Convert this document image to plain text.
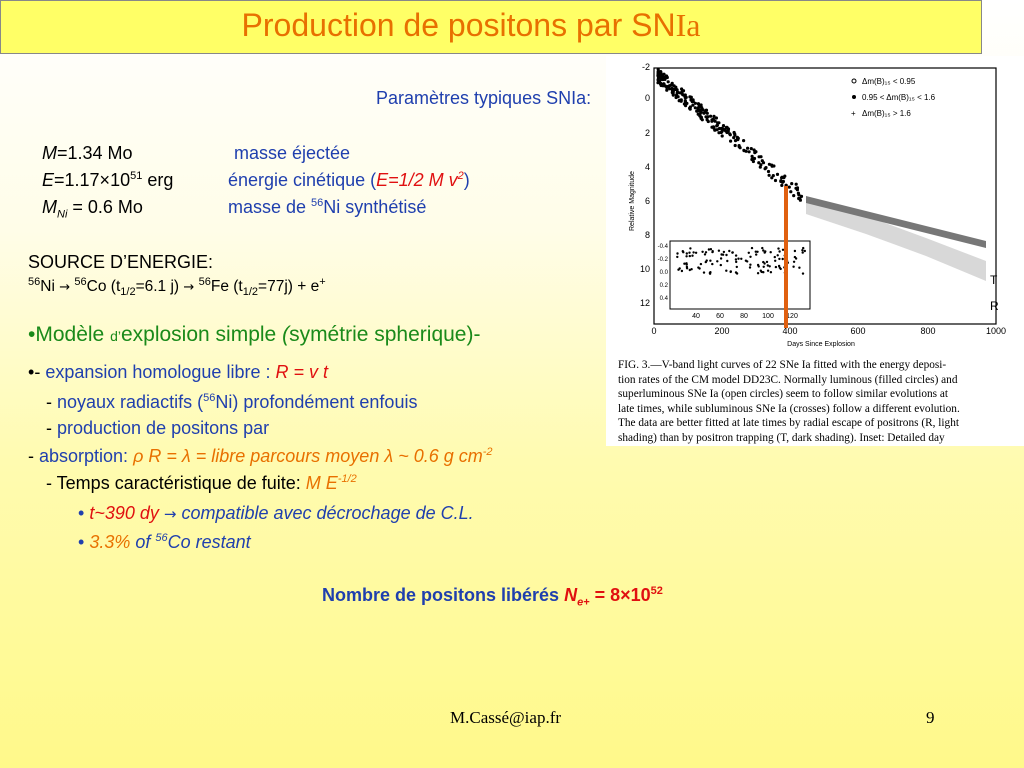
Production de positons par SNIa
Paramètres typiques SNIa:
M=1.34 Mo	masse éjectée
$E=1.17\times 10^{51}$ erg	énergie cinétique (E=1/2 M $v^2$)
$M_{Ni} = 0.6$ Mo	masse de $^{56}$Ni synthétisé
SOURCE D’ENERGIE:
$^{56}$Ni → $^{56}$Co ($t_{1/2}=6.1$ j) → $^{56}$Fe $(t_{1/2}=77j) + e^+$
•Modèle d’explosion simple (symétrie spherique)-
•- expansion homologue libre : R = v t
- noyaux radiactifs ($^{56}$Ni) profondément enfouis
- production de positons par
- absorption: ρ R = λ = libre parcours moyen λ ~ 0.6 g $cm^{-2}$
- Temps caractéristique de fuite: M $E^{-1/2}$
• t~390 dy → compatible avec décrochage de C.L.
• 3.3% of $^{56}$Co restant
Nombre de positons libérés $N_{e+} = 8\times 10^{52}$
-2
0
2
4
6
8
10
12
Relative Magnitude
0	200	400	600	800	1000
Days Since Explosion
Δm(B)₁₅ < 0.95
0.95 < Δm(B)₁₅ < 1.6
+ Δm(B)₁₅ > 1.6
T
R
40 60 80 100 120
-0.4
-0.2
0.0
0.2
0.4
FIG. 3.—V-band light curves of 22 SNe Ia fitted with the energy deposi-
tion rates of the CM model DD23C. Normally luminous (filled circles) and
superluminous SNe Ia (open circles) seem to follow similar evolutions at
late times, while subluminous SNe Ia (crosses) follow a different evolution.
The data are better fitted at late times by radial escape of positrons (R, light
shading) than by positron trapping (T, dark shading). Inset: Detailed day
M.Cassé@iap.fr	9
